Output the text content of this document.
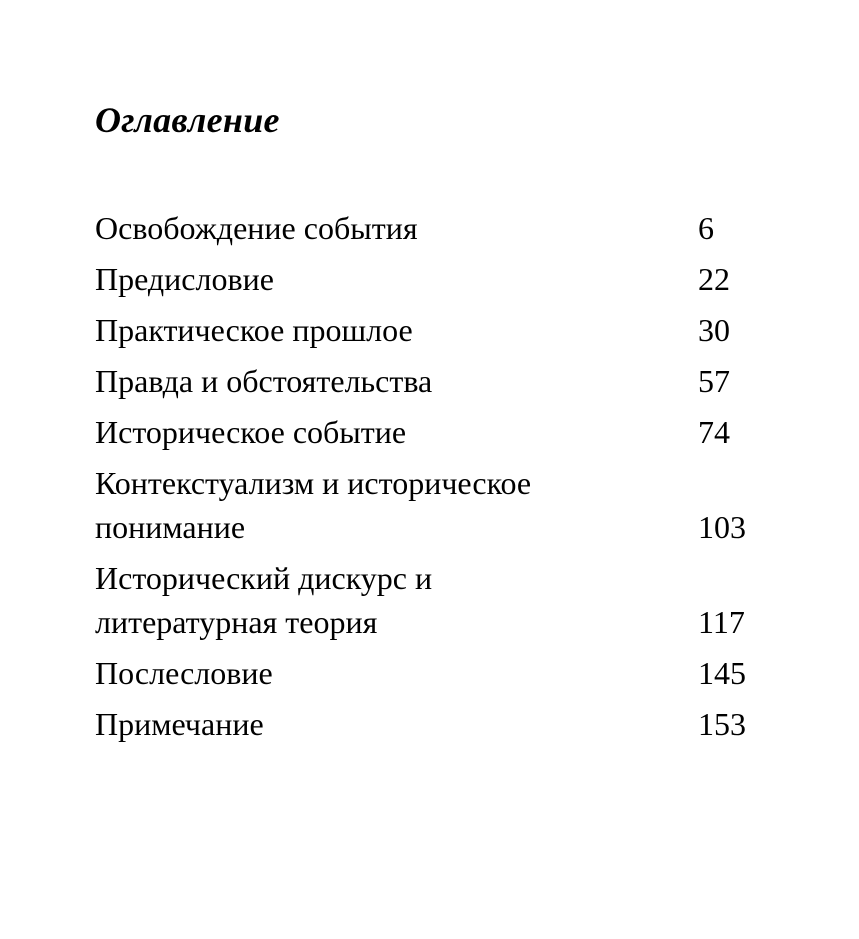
Оглавление
Освобождение события	6
Предисловие	22
Практическое прошлое	30
Правда и обстоятельства	57
Историческое событие	74
Контекстуализм и историческое
понимание	103
Исторический дискурс и
литературная теория	117
Послесловие	145
Примечание	153
